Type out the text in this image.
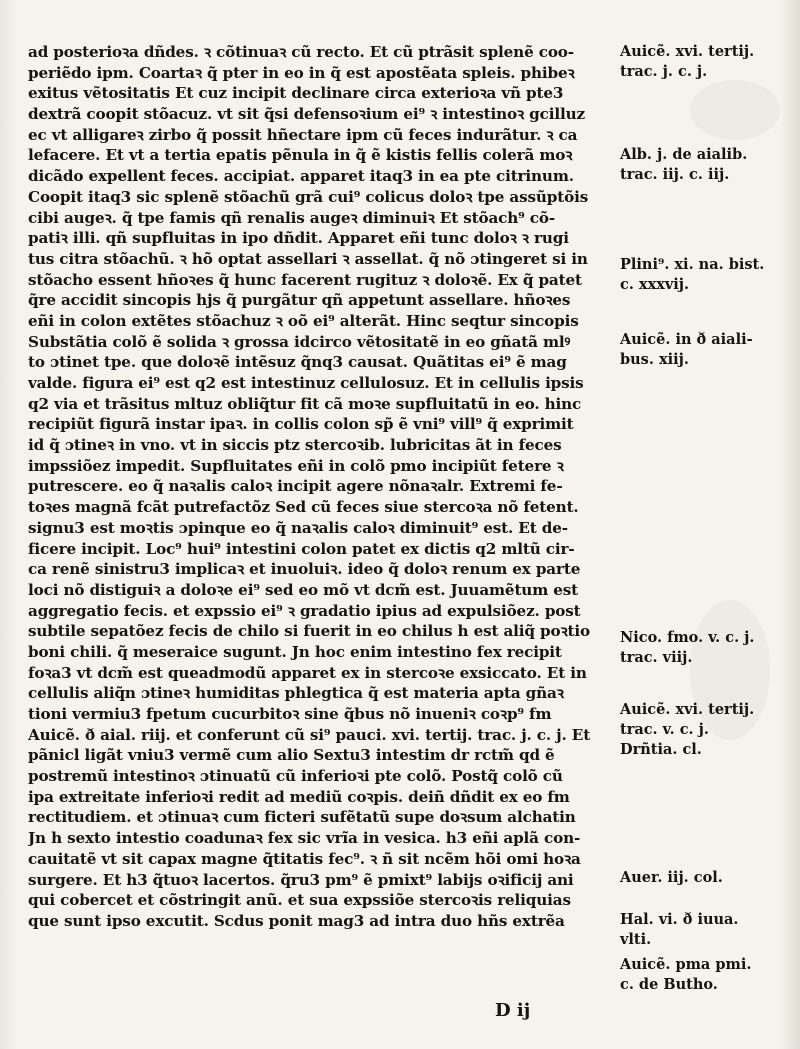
ad posterioꝛa dñdes. ꝛ cõtinuaꝛ cũ recto. Et cũ ptrãsit splenẽ coo-
periẽdo ipm. Coartaꝛ q̃ pter in eo in q̃ est apostẽata spleis. phibeꝛ
exitus vẽtositatis Et cuz incipit declinare circa exterioꝛa vñ pte3
dextrã coopit stõacuz. vt sit q̃si defensoꝛium ei⁹ ꝛ intestinoꝛ gcilluz
ec vt alligareꝛ zirbo q̃ possit hñectare ipm cũ feces indurãtur. ꝛ ca
lefacere. Et vt a tertia epatis pẽnula in q̃ ẽ kistis fellis colerã moꝛ
dicãdo expellent feces. accipiat. apparet itaq3 in ea pte citrinum.
Coopit itaq3 sic splenẽ stõachũ grã cui⁹ colicus doloꝛ tpe assũptõis
cibi augeꝛ. q̃ tpe famis qñ renalis augeꝛ diminuiꝛ Et stõach⁹ cõ-
patiꝛ illi. qñ supfluitas in ipo dñdit. Apparet eñi tunc doloꝛ ꝛ rugi
tus citra stõachũ. ꝛ hõ optat assellari ꝛ assellat. q̃ nõ ɔtingeret si in
stõacho essent hñoꝛes q̃ hunc facerent rugituz ꝛ doloꝛẽ. Ex q̃ patet
q̃re accidit sincopis hjs q̃ purgãtur qñ appetunt assellare. hñoꝛes
eñi in colon extẽtes stõachuz ꝛ oõ ei⁹ alterãt. Hinc seqtur sincopis
Substãtia colõ ẽ solida ꝛ grossa idcirco vẽtositatẽ in eo gñatã mlꝰ
to ɔtinet tpe. que doloꝛẽ intẽsuz q̃nq3 causat. Quãtitas ei⁹ ẽ mag
valde. figura ei⁹ est q2 est intestinuz cellulosuz. Et in cellulis ipsis
q2 via et trãsitus mltuz obliq̃tur fit cã moꝛe supfluitatũ in eo. hinc
recipiũt figurã instar ipaꝛ. in collis colon sp̃ ẽ vni⁹ vill⁹ q̃ exprimit
id q̃ ɔtineꝛ in vno. vt in siccis ptz stercoꝛib. lubricitas ãt in feces
impssiõez impedit. Supfluitates eñi in colõ pmo incipiũt fetere ꝛ
putrescere. eo q̃ naꝛalis caloꝛ incipit agere nõnaꝛalr. Extremi fe-
toꝛes magnã fcãt putrefactõz Sed cũ feces siue stercoꝛa nõ fetent.
signu3 est moꝛtis ɔpinque eo q̃ naꝛalis caloꝛ diminuit⁹ est. Et de-
ficere incipit. Loc⁹ hui⁹ intestini colon patet ex dictis q2 mltũ cir-
ca renẽ sinistru3 implicaꝛ et inuoluiꝛ. ideo q̃ doloꝛ renum ex parte
loci nõ distiguiꝛ a doloꝛe ei⁹ sed eo mõ vt dcm̃ est. Juuamẽtum est
aggregatio fecis. et expssio ei⁹ ꝛ gradatio ipius ad expulsiõez. post
subtile sepatõez fecis de chilo si fuerit in eo chilus h est aliq̃ poꝛtio
boni chili. q̃ meseraice sugunt. Jn hoc enim intestino fex recipit
foꝛa3 vt dcm̃ est queadmodũ apparet ex in stercoꝛe exsiccato. Et in
cellulis aliq̃n ɔtineꝛ humiditas phlegtica q̃ est materia apta gñaꝛ
tioni vermiu3 fpetum cucurbitoꝛ sine q̃bus nõ inueniꝛ coꝛp⁹ fm
Auicẽ. ð aial. riij. et conferunt cũ si⁹ pauci. xvi. tertij. trac. j. c. j. Et
pãnicl ligãt vniu3 vermẽ cum alio Sextu3 intestim dr rctm̃ qd ẽ
postremũ intestinoꝛ ɔtinuatũ cũ inferioꝛi pte colõ. Postq̃ colõ cũ
ipa extreitate inferioꝛi redit ad mediũ coꝛpis. deiñ dñdit ex eo fm
rectitudiem. et ɔtinuaꝛ cum ficteri sufẽtatũ supe doꝛsum alchatin
Jn h sexto intestio coadunaꝛ fex sic vrĩa in vesica. h3 eñi aplã con-
cauitatẽ vt sit capax magne q̃titatis fec⁹. ꝛ ñ sit ncẽm hõi omi hoꝛa
surgere. Et h3 q̃tuoꝛ lacertos. q̃ru3 pm⁹ ẽ pmixt⁹ labijs oꝛificij ani
qui cobercet et cõstringit anũ. et sua expssiõe stercoꝛis reliquias
que sunt ipso excutit. Scdus ponit mag3 ad intra duo hñs extrẽa
Auicẽ. xvi. tertij.
trac. j. c. j.
Alb. j. de aialib.
trac. iij. c. iij.
Plini⁹. xi. na. bist.
c. xxxvij.
Auicẽ. in ð aiali-
bus. xiij.
Nico. fmo. v. c. j.
trac. viij.
Auicẽ. xvi. tertij.
trac. v. c. j.
Drñtia. cl.
Auer. iij. col.
Hal. vi. ð iuua.
vlti.
Auicẽ. pma pmi.
c. de Butho.
D ij
